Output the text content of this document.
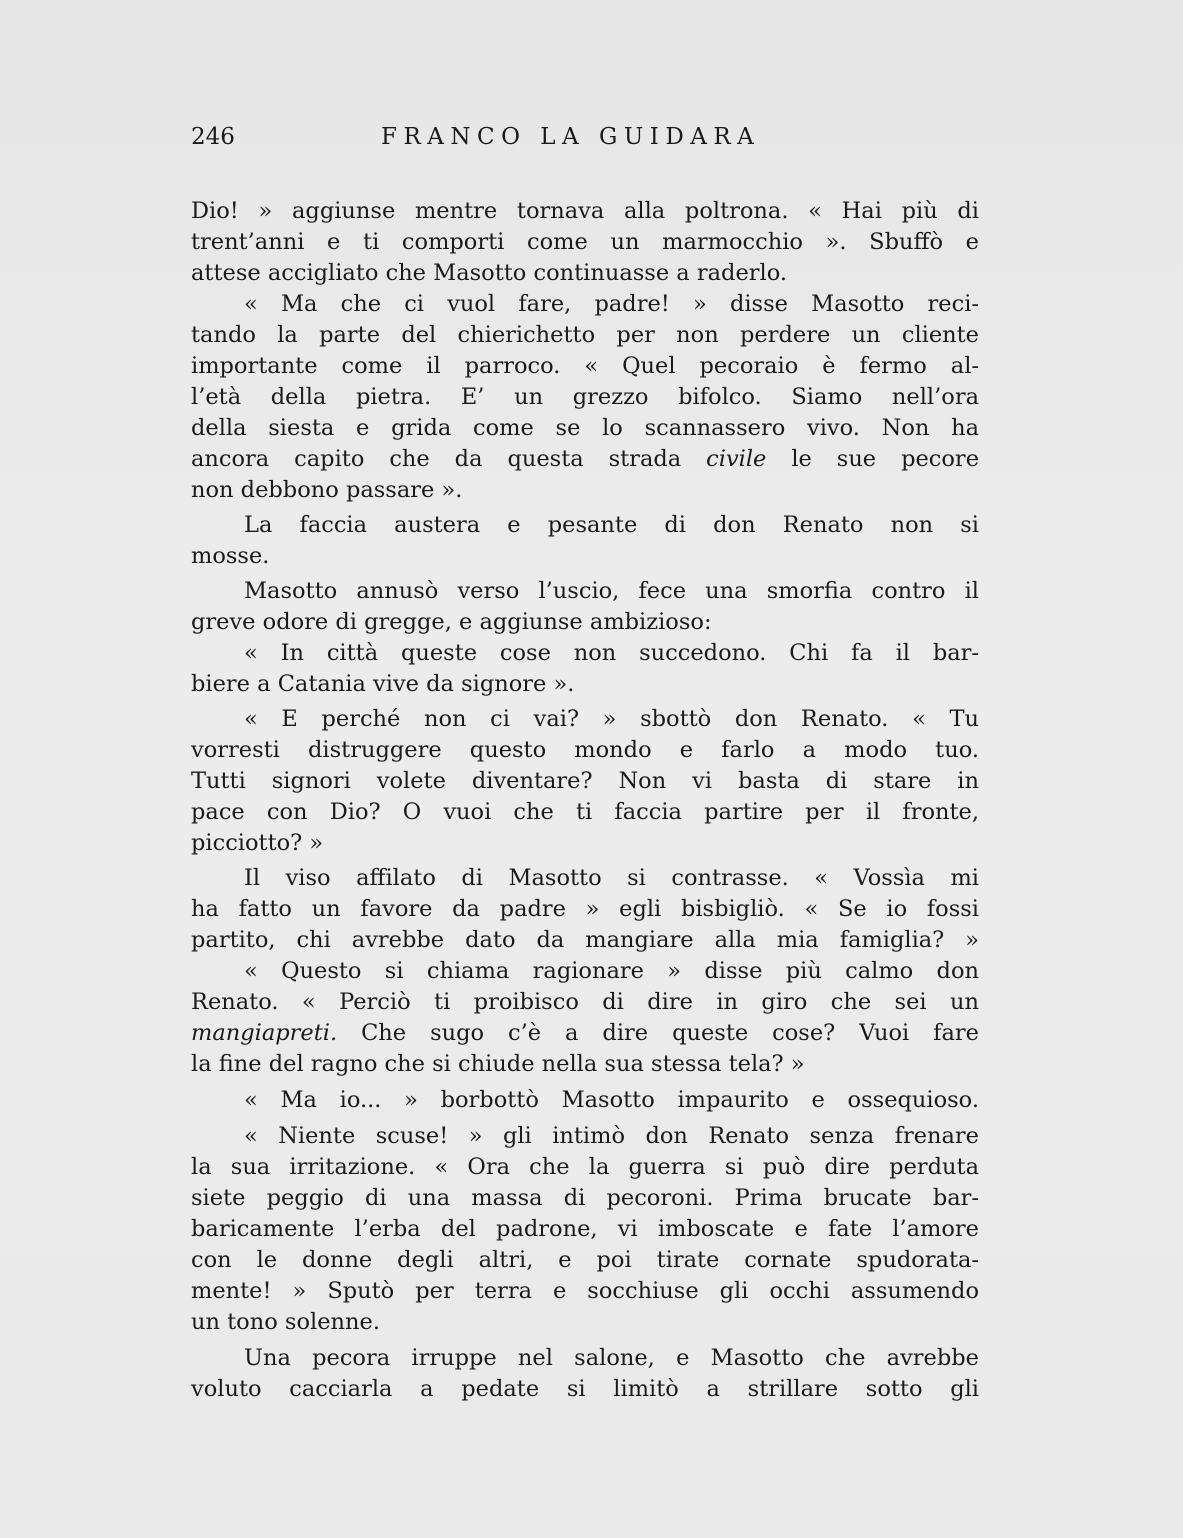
246	FRANCO LA GUIDARA
Dio! » aggiunse mentre tornava alla poltrona. « Hai più di
trent’anni e ti comporti come un marmocchio ». Sbuffò e
attese accigliato che Masotto continuasse a raderlo.
« Ma che ci vuol fare, padre! » disse Masotto reci-
tando la parte del chierichetto per non perdere un cliente
importante come il parroco. « Quel pecoraio è fermo al-
l’età della pietra. E’ un grezzo bifolco. Siamo nell’ora
della siesta e grida come se lo scannassero vivo. Non ha
ancora capito che da questa strada civile le sue pecore
non debbono passare ».
La faccia austera e pesante di don Renato non si
mosse.
Masotto annusò verso l’uscio, fece una smorfia contro il
greve odore di gregge, e aggiunse ambizioso:
« In città queste cose non succedono. Chi fa il bar-
biere a Catania vive da signore ».
« E perché non ci vai? » sbottò don Renato. « Tu
vorresti distruggere questo mondo e farlo a modo tuo.
Tutti signori volete diventare? Non vi basta di stare in
pace con Dio? O vuoi che ti faccia partire per il fronte,
picciotto? »
Il viso affilato di Masotto si contrasse. « Vossìa mi
ha fatto un favore da padre » egli bisbigliò. « Se io fossi
partito, chi avrebbe dato da mangiare alla mia famiglia? »
« Questo si chiama ragionare » disse più calmo don
Renato. « Perciò ti proibisco di dire in giro che sei un
mangiapreti. Che sugo c’è a dire queste cose? Vuoi fare
la fine del ragno che si chiude nella sua stessa tela? »
« Ma io... » borbottò Masotto impaurito e ossequioso.
« Niente scuse! » gli intimò don Renato senza frenare
la sua irritazione. « Ora che la guerra si può dire perduta
siete peggio di una massa di pecoroni. Prima brucate bar-
baricamente l’erba del padrone, vi imboscate e fate l’amore
con le donne degli altri, e poi tirate cornate spudorata-
mente! » Sputò per terra e socchiuse gli occhi assumendo
un tono solenne.
Una pecora irruppe nel salone, e Masotto che avrebbe
voluto cacciarla a pedate si limitò a strillare sotto gli
